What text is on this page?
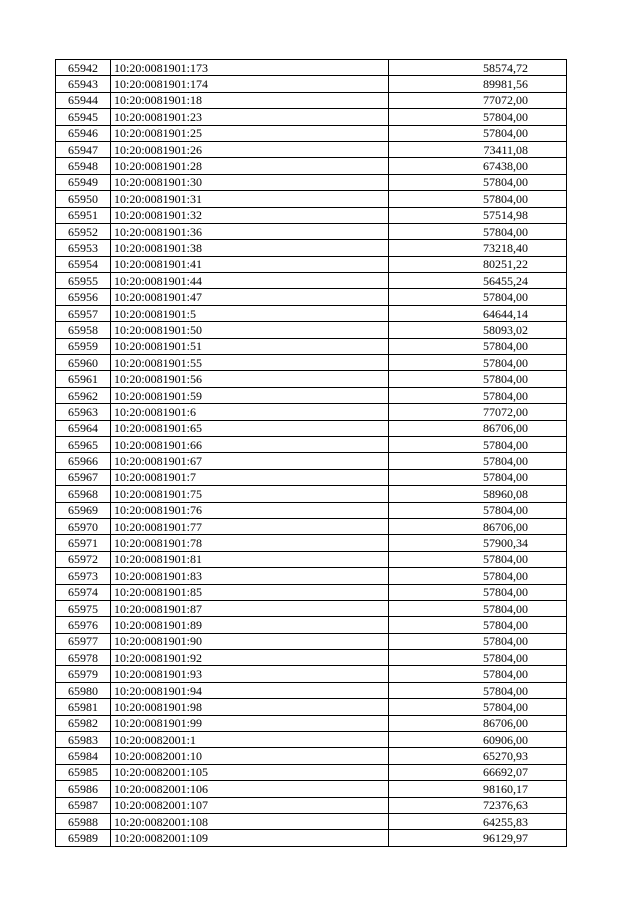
65942	10:20:0081901:173	58574,72
65943	10:20:0081901:174	89981,56
65944	10:20:0081901:18	77072,00
65945	10:20:0081901:23	57804,00
65946	10:20:0081901:25	57804,00
65947	10:20:0081901:26	73411,08
65948	10:20:0081901:28	67438,00
65949	10:20:0081901:30	57804,00
65950	10:20:0081901:31	57804,00
65951	10:20:0081901:32	57514,98
65952	10:20:0081901:36	57804,00
65953	10:20:0081901:38	73218,40
65954	10:20:0081901:41	80251,22
65955	10:20:0081901:44	56455,24
65956	10:20:0081901:47	57804,00
65957	10:20:0081901:5	64644,14
65958	10:20:0081901:50	58093,02
65959	10:20:0081901:51	57804,00
65960	10:20:0081901:55	57804,00
65961	10:20:0081901:56	57804,00
65962	10:20:0081901:59	57804,00
65963	10:20:0081901:6	77072,00
65964	10:20:0081901:65	86706,00
65965	10:20:0081901:66	57804,00
65966	10:20:0081901:67	57804,00
65967	10:20:0081901:7	57804,00
65968	10:20:0081901:75	58960,08
65969	10:20:0081901:76	57804,00
65970	10:20:0081901:77	86706,00
65971	10:20:0081901:78	57900,34
65972	10:20:0081901:81	57804,00
65973	10:20:0081901:83	57804,00
65974	10:20:0081901:85	57804,00
65975	10:20:0081901:87	57804,00
65976	10:20:0081901:89	57804,00
65977	10:20:0081901:90	57804,00
65978	10:20:0081901:92	57804,00
65979	10:20:0081901:93	57804,00
65980	10:20:0081901:94	57804,00
65981	10:20:0081901:98	57804,00
65982	10:20:0081901:99	86706,00
65983	10:20:0082001:1	60906,00
65984	10:20:0082001:10	65270,93
65985	10:20:0082001:105	66692,07
65986	10:20:0082001:106	98160,17
65987	10:20:0082001:107	72376,63
65988	10:20:0082001:108	64255,83
65989	10:20:0082001:109	96129,97
